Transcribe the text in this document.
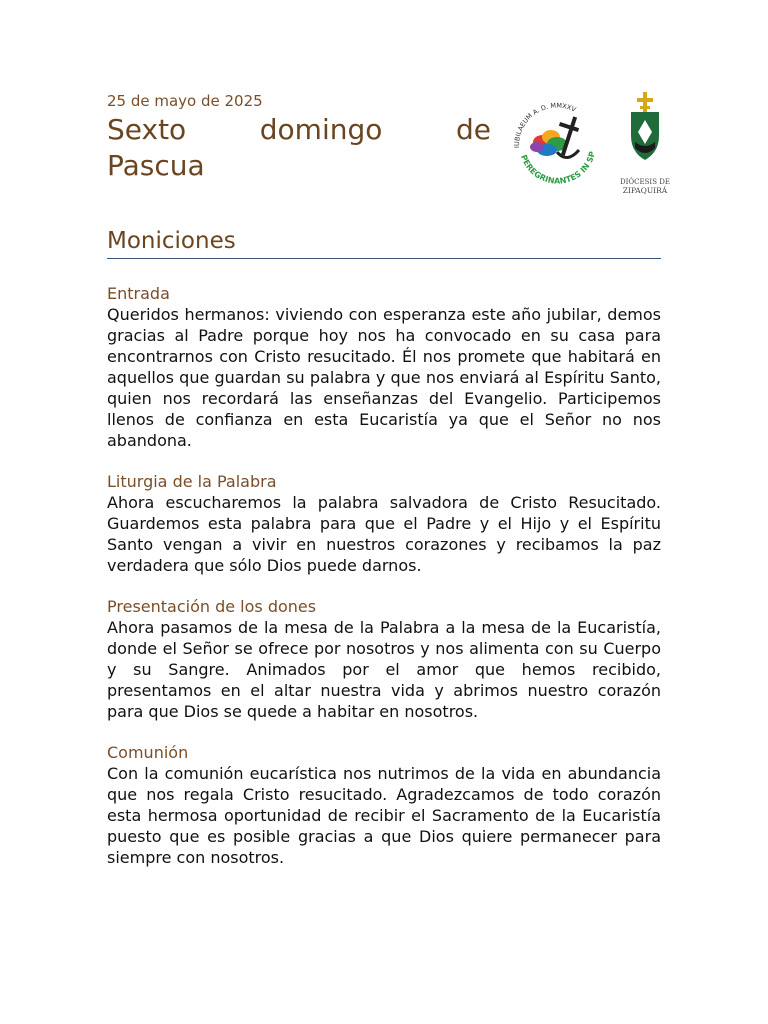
25 de mayo de 2025
Sexto	domingo	de
Pascua
IUBILAEUM A. D. MMXXV
PEREGRINANTES IN SP
DIÓCESIS DE
ZIPAQUIRÁ
Moniciones
Entrada

Queridos hermanos: viviendo con esperanza este año jubilar, demos gracias al Padre porque hoy nos ha convocado en su casa para encontrarnos con Cristo resucitado. Él nos promete que habitará en aquellos que guardan su palabra y que nos enviará al Espíritu Santo, quien nos recordará las enseñanzas del Evangelio. Participemos llenos de confianza en esta Eucaristía ya que el Señor no nos abandona.

Liturgia de la Palabra

Ahora escucharemos la palabra salvadora de Cristo Resucitado. Guardemos esta palabra para que el Padre y el Hijo y el Espíritu Santo vengan a vivir en nuestros corazones y recibamos la paz verdadera que sólo Dios puede darnos.

Presentación de los dones

Ahora pasamos de la mesa de la Palabra a la mesa de la Eucaristía, donde el Señor se ofrece por nosotros y nos alimenta con su Cuerpo y su Sangre. Animados por el amor que hemos recibido, presentamos en el altar nuestra vida y abrimos nuestro corazón para que Dios se quede a habitar en nosotros.

Comunión

Con la comunión eucarística nos nutrimos de la vida en abundancia que nos regala Cristo resucitado. Agradezcamos de todo corazón esta hermosa oportunidad de recibir el Sacramento de la Eucaristía puesto que es posible gracias a que Dios quiere permanecer para siempre con nosotros.
